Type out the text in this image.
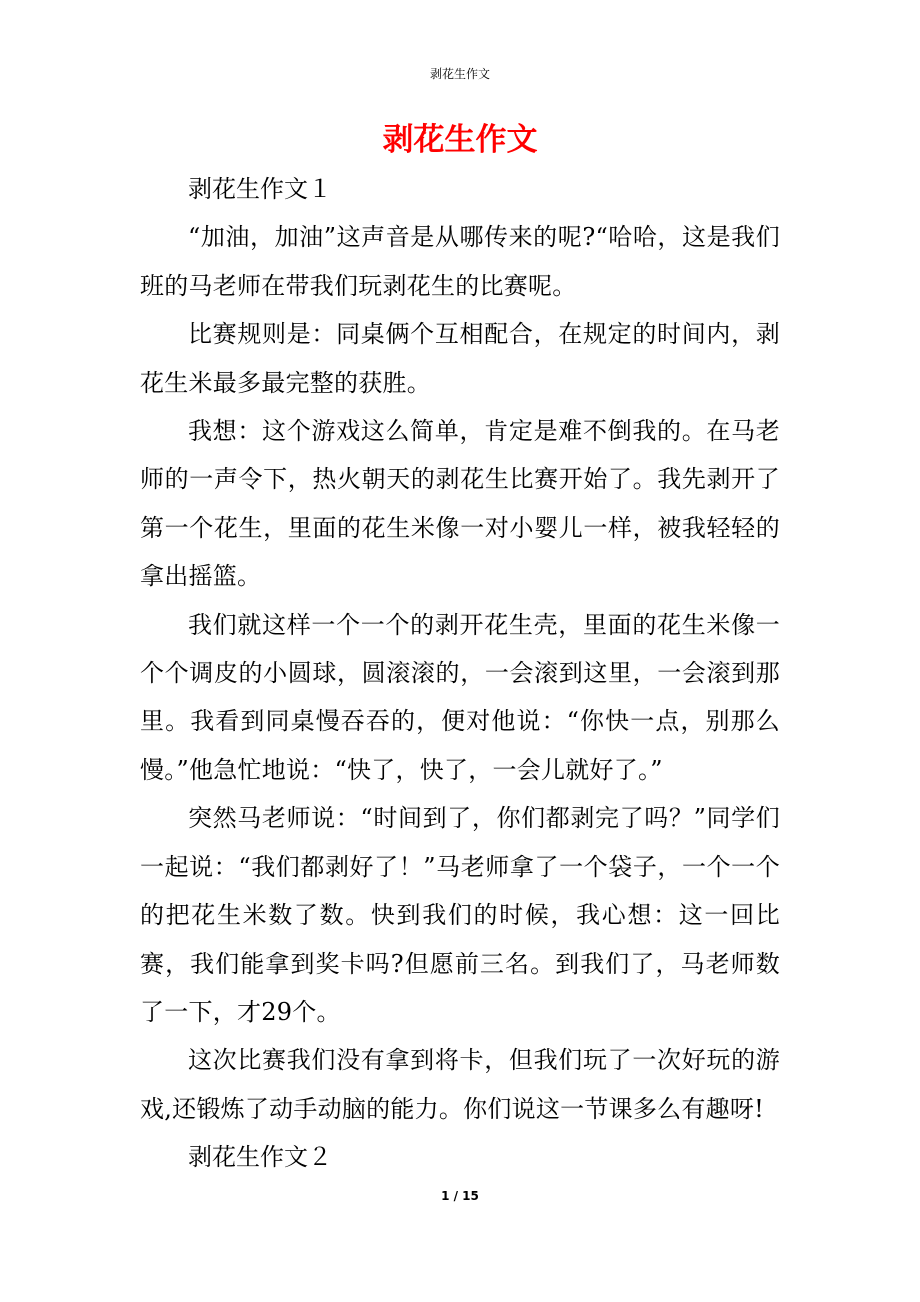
剥花生作文
剥花生作文

剥花生作文１

“加油，加油”这声音是从哪传来的呢?“哈哈，这是我们班的马老师在带我们玩剥花生的比赛呢。

比赛规则是：同桌俩个互相配合，在规定的时间内，剥花生米最多最完整的获胜。

我想：这个游戏这么简单，肯定是难不倒我的。在马老师的一声令下，热火朝天的剥花生比赛开始了。我先剥开了第一个花生，里面的花生米像一对小婴儿一样，被我轻轻的拿出摇篮。

我们就这样一个一个的剥开花生壳，里面的花生米像一个个调皮的小圆球，圆滚滚的，一会滚到这里，一会滚到那里。我看到同桌慢吞吞的，便对他说：“你快一点，别那么慢。”他急忙地说：“快了，快了，一会儿就好了。”

突然马老师说：“时间到了，你们都剥完了吗？”同学们一起说：“我们都剥好了！”马老师拿了一个袋子，一个一个的把花生米数了数。快到我们的时候，我心想：这一回比赛，我们能拿到奖卡吗?但愿前三名。到我们了，马老师数了一下，才29个。

这次比赛我们没有拿到将卡，但我们玩了一次好玩的游戏,还锻炼了动手动脑的能力。你们说这一节课多么有趣呀!

剥花生作文２

1 / 15
